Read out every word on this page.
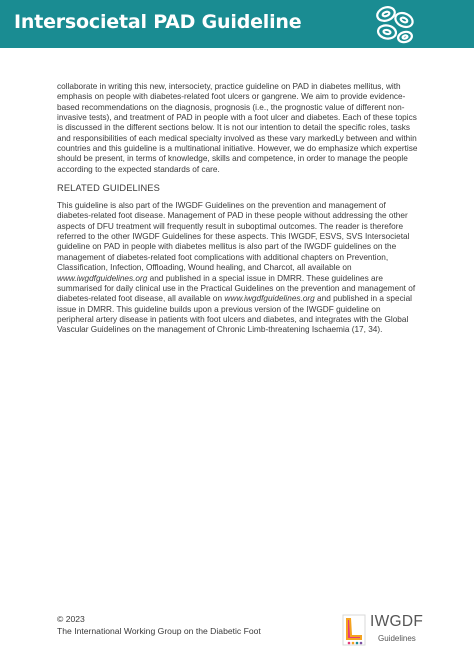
Intersocietal PAD Guideline

collaborate in writing this new, intersociety, practice guideline on PAD in diabetes mellitus, with emphasis on people with diabetes-related foot ulcers or gangrene. We aim to provide evidence-based recommendations on the diagnosis, prognosis (i.e., the prognostic value of different non-invasive tests), and treatment of PAD in people with a foot ulcer and diabetes. Each of these topics is discussed in the different sections below. It is not our intention to detail the specific roles, tasks and responsibilities of each medical specialty involved as these vary markedLy between and within countries and this guideline is a multinational initiative. However, we do emphasize which expertise should be present, in terms of knowledge, skills and competence, in order to manage the people according to the expected standards of care.

RELATED GUIDELINES

This guideline is also part of the IWGDF Guidelines on the prevention and management of diabetes-related foot disease. Management of PAD in these people without addressing the other aspects of DFU treatment will frequently result in suboptimal outcomes. The reader is therefore referred to the other IWGDF Guidelines for these aspects. This IWGDF, ESVS, SVS Intersocietal guideline on PAD in people with diabetes mellitus is also part of the IWGDF guidelines on the management of diabetes-related foot complications with additional chapters on Prevention, Classification, Infection, Offloading, Wound healing, and Charcot, all available on www.iwgdfguidelines.org and published in a special issue in DMRR. These guidelines are summarised for daily clinical use in the Practical Guidelines on the prevention and management of diabetes-related foot disease, all available on www.iwgdfguidelines.org and published in a special issue in DMRR. This guideline builds upon a previous version of the IWGDF guideline on peripheral artery disease in patients with foot ulcers and diabetes, and integrates with the Global Vascular Guidelines on the management of Chronic Limb-threatening Ischaemia (17, 34).

© 2023
The International Working Group on the Diabetic Foot
IWGDF
Guidelines
